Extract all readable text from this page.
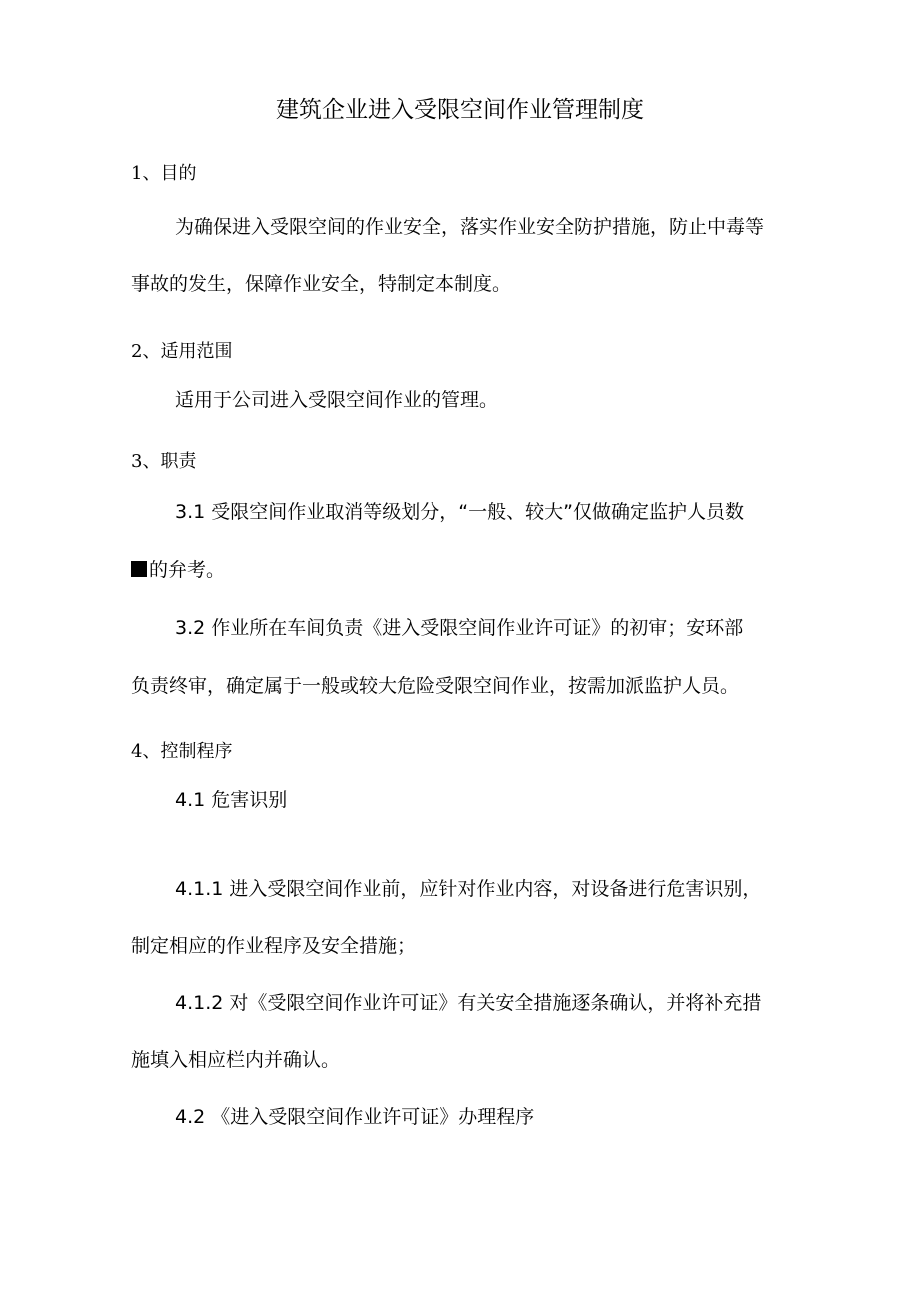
建筑企业进入受限空间作业管理制度
1、目的
为确保进入受限空间的作业安全，落实作业安全防护措施，防止中毒等
事故的发生，保障作业安全，特制定本制度。
2、适用范围
适用于公司进入受限空间作业的管理。
3、职责
3.1 受限空间作业取消等级划分，“一般、较大”仅做确定监护人员数
的弁考。
3.2 作业所在车间负责《进入受限空间作业许可证》的初审；安环部
负责终审，确定属于一般或较大危险受限空间作业，按需加派监护人员。
4、控制程序
4.1 危害识别
4.1.1 进入受限空间作业前，应针对作业内容，对设备进行危害识别，
制定相应的作业程序及安全措施；
4.1.2 对《受限空间作业许可证》有关安全措施逐条确认，并将补充措
施填入相应栏内并确认。
4.2 《进入受限空间作业许可证》办理程序
